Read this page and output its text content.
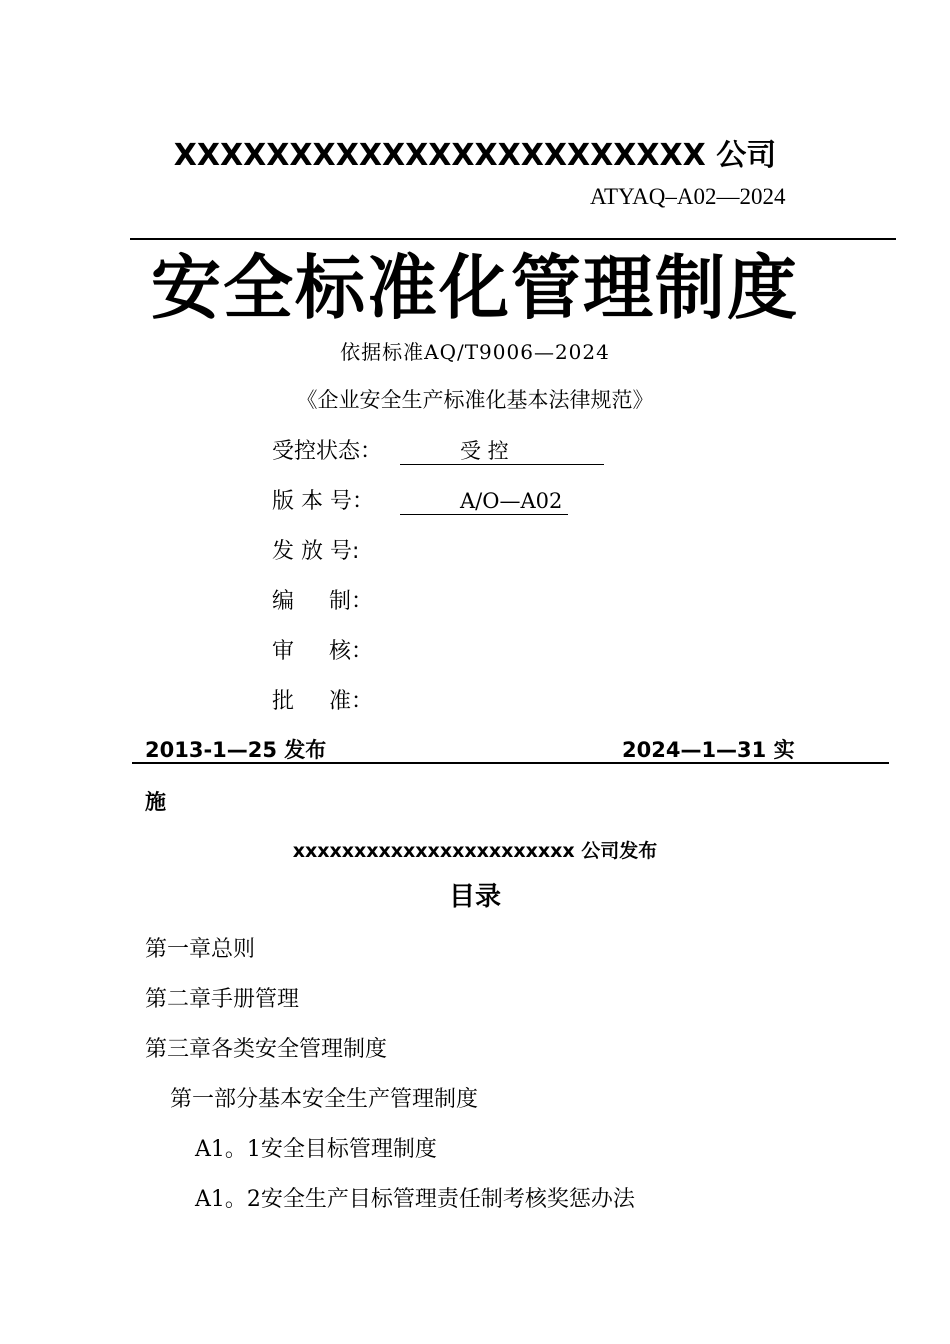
XXXXXXXXXXXXXXXXXXXXXXX 公司
ATYAQ–A02—2024
安全标准化管理制度
依据标准AQ/T9006—2024
《企业安全生产标准化基本法律规范》
受控状态：	受 控
版 本 号：	A/O—A02
发 放 号:
编     制：
审     核：
批     准：
2013-1—25 发布	2024—1—31 实
施
xxxxxxxxxxxxxxxxxxxxxxx 公司发布
目录
第一章总则
第二章手册管理
第三章各类安全管理制度
第一部分基本安全生产管理制度
A1。1安全目标管理制度
A1。2安全生产目标管理责任制考核奖惩办法
